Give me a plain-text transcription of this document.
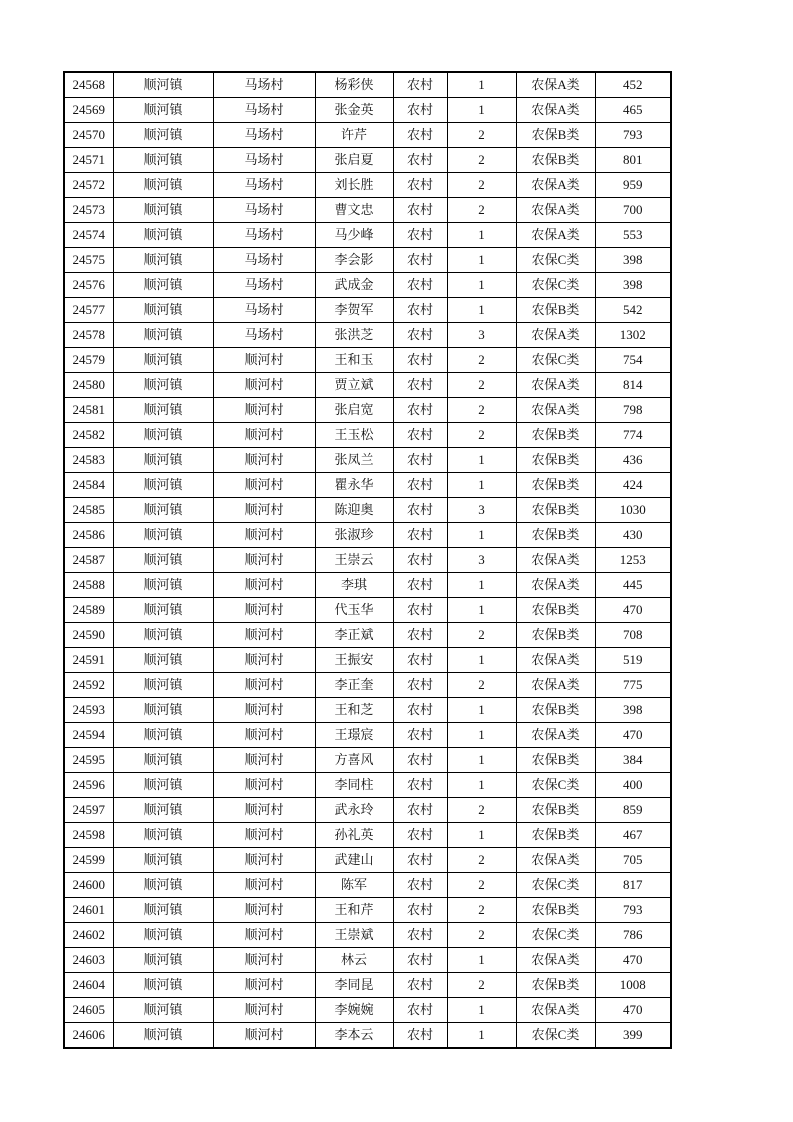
24568	顺河镇	马场村	杨彩侠	农村	1	农保A类	452
24569	顺河镇	马场村	张金英	农村	1	农保A类	465
24570	顺河镇	马场村	许芹	农村	2	农保B类	793
24571	顺河镇	马场村	张启夏	农村	2	农保B类	801
24572	顺河镇	马场村	刘长胜	农村	2	农保A类	959
24573	顺河镇	马场村	曹文忠	农村	2	农保A类	700
24574	顺河镇	马场村	马少峰	农村	1	农保A类	553
24575	顺河镇	马场村	李会影	农村	1	农保C类	398
24576	顺河镇	马场村	武成金	农村	1	农保C类	398
24577	顺河镇	马场村	李贺军	农村	1	农保B类	542
24578	顺河镇	马场村	张洪芝	农村	3	农保A类	1302
24579	顺河镇	顺河村	王和玉	农村	2	农保C类	754
24580	顺河镇	顺河村	贾立斌	农村	2	农保A类	814
24581	顺河镇	顺河村	张启宽	农村	2	农保A类	798
24582	顺河镇	顺河村	王玉松	农村	2	农保B类	774
24583	顺河镇	顺河村	张凤兰	农村	1	农保B类	436
24584	顺河镇	顺河村	瞿永华	农村	1	农保B类	424
24585	顺河镇	顺河村	陈迎奥	农村	3	农保B类	1030
24586	顺河镇	顺河村	张淑珍	农村	1	农保B类	430
24587	顺河镇	顺河村	王崇云	农村	3	农保A类	1253
24588	顺河镇	顺河村	李琪	农村	1	农保A类	445
24589	顺河镇	顺河村	代玉华	农村	1	农保B类	470
24590	顺河镇	顺河村	李正斌	农村	2	农保B类	708
24591	顺河镇	顺河村	王振安	农村	1	农保A类	519
24592	顺河镇	顺河村	李正奎	农村	2	农保A类	775
24593	顺河镇	顺河村	王和芝	农村	1	农保B类	398
24594	顺河镇	顺河村	王璟宸	农村	1	农保A类	470
24595	顺河镇	顺河村	方喜风	农村	1	农保B类	384
24596	顺河镇	顺河村	李同柱	农村	1	农保C类	400
24597	顺河镇	顺河村	武永玲	农村	2	农保B类	859
24598	顺河镇	顺河村	孙礼英	农村	1	农保B类	467
24599	顺河镇	顺河村	武建山	农村	2	农保A类	705
24600	顺河镇	顺河村	陈军	农村	2	农保C类	817
24601	顺河镇	顺河村	王和芹	农村	2	农保B类	793
24602	顺河镇	顺河村	王崇斌	农村	2	农保C类	786
24603	顺河镇	顺河村	林云	农村	1	农保A类	470
24604	顺河镇	顺河村	李同昆	农村	2	农保B类	1008
24605	顺河镇	顺河村	李婉婉	农村	1	农保A类	470
24606	顺河镇	顺河村	李本云	农村	1	农保C类	399
